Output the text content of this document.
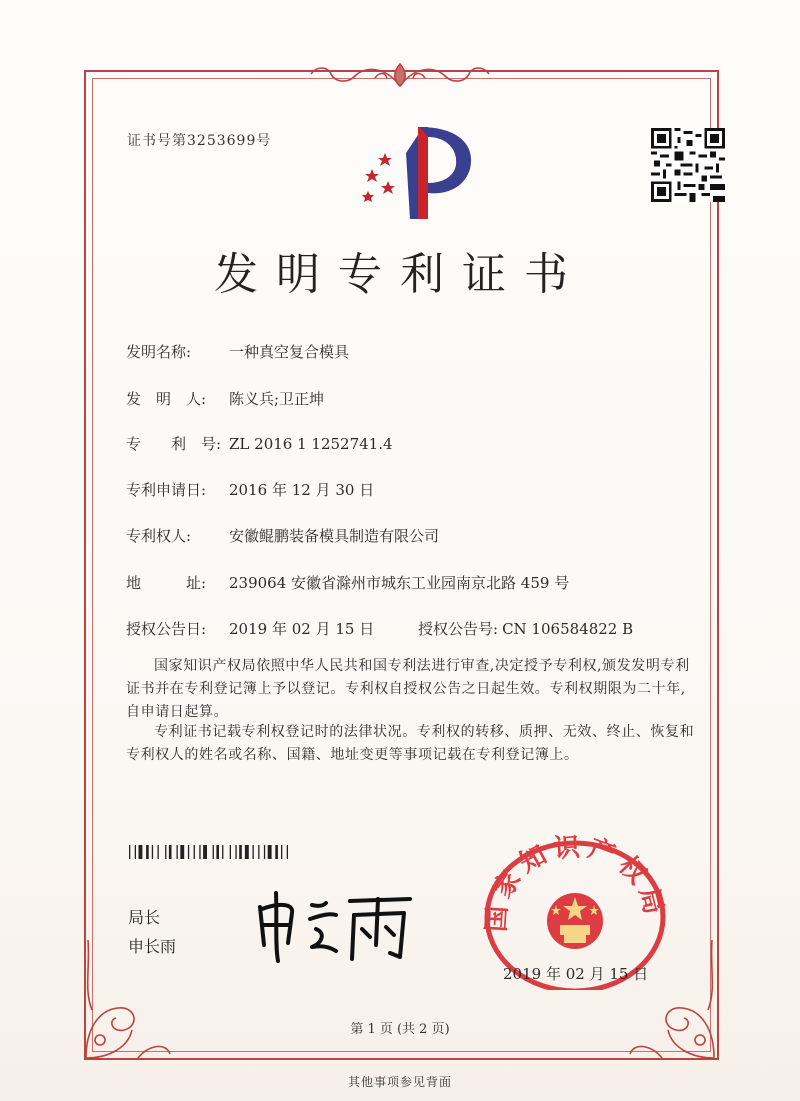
证书号第3253699号
发明专利证书
发明名称:	一种真空复合模具
发　明　人: 陈义兵;卫正坤
专　　利　号: ZL 2016 1 1252741.4
专利申请日: 2016 年 12 月 30 日
专利权人:	安徽鲲鹏装备模具制造有限公司
地　　　址: 239064 安徽省滁州市城东工业园南京北路 459 号
授权公告日: 2019 年 02 月 15 日	授权公告号: CN 106584822 B
国家知识产权局依照中华人民共和国专利法进行审查,决定授予专利权,颁发发明专利证书并在专利登记簿上予以登记。专利权自授权公告之日起生效。专利权期限为二十年,自申请日起算。
专利证书记载专利权登记时的法律状况。专利权的转移、质押、无效、终止、恢复和专利权人的姓名或名称、国籍、地址变更等事项记载在专利登记簿上。
局长
申长雨
国家知识产权局
2019 年 02 月 15 日
第 1 页 (共 2 页)
其他事项参见背面
